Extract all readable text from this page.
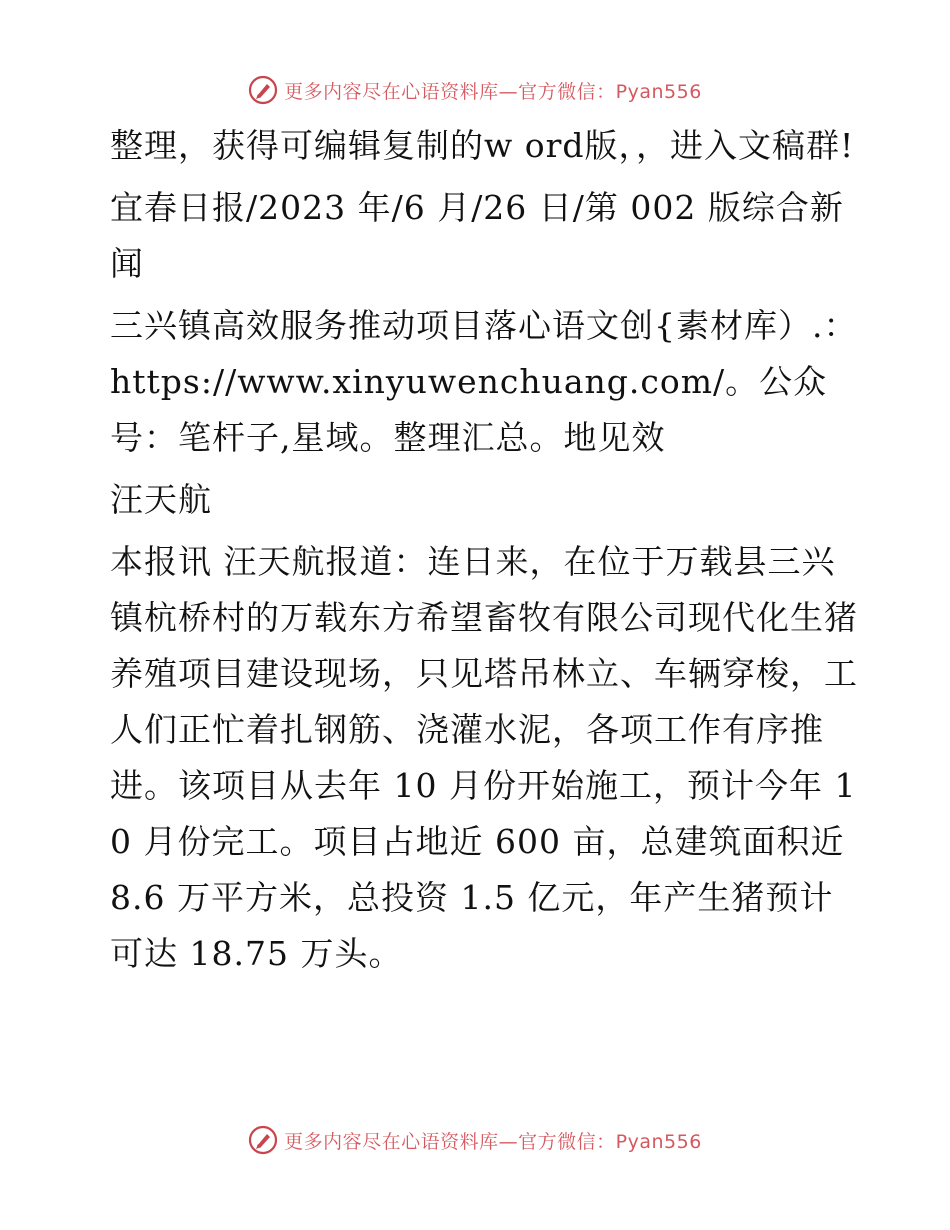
更多内容尽在心语资料库—官方微信：Pyan556

整理，获得可编辑复制的w ord版，，进入文稿群!

宜春日报/2023 年/6 月/26 日/第 002 版综合新闻

三兴镇高效服务推动项目落心语文创{素材库）.：https://www.xinyuwenchuang.com/。公众号：笔杆子,星域。整理汇总。地见效

汪天航

本报讯 汪天航报道：连日来，在位于万载县三兴镇杭桥村的万载东方希望畜牧有限公司现代化生猪养殖项目建设现场，只见塔吊林立、车辆穿梭，工人们正忙着扎钢筋、浇灌水泥，各项工作有序推进。该项目从去年 10 月份开始施工，预计今年 10 月份完工。项目占地近 600 亩，总建筑面积近 8.6 万平方米，总投资 1.5 亿元，年产生猪预计可达 18.75 万头。

更多内容尽在心语资料库—官方微信：Pyan556
